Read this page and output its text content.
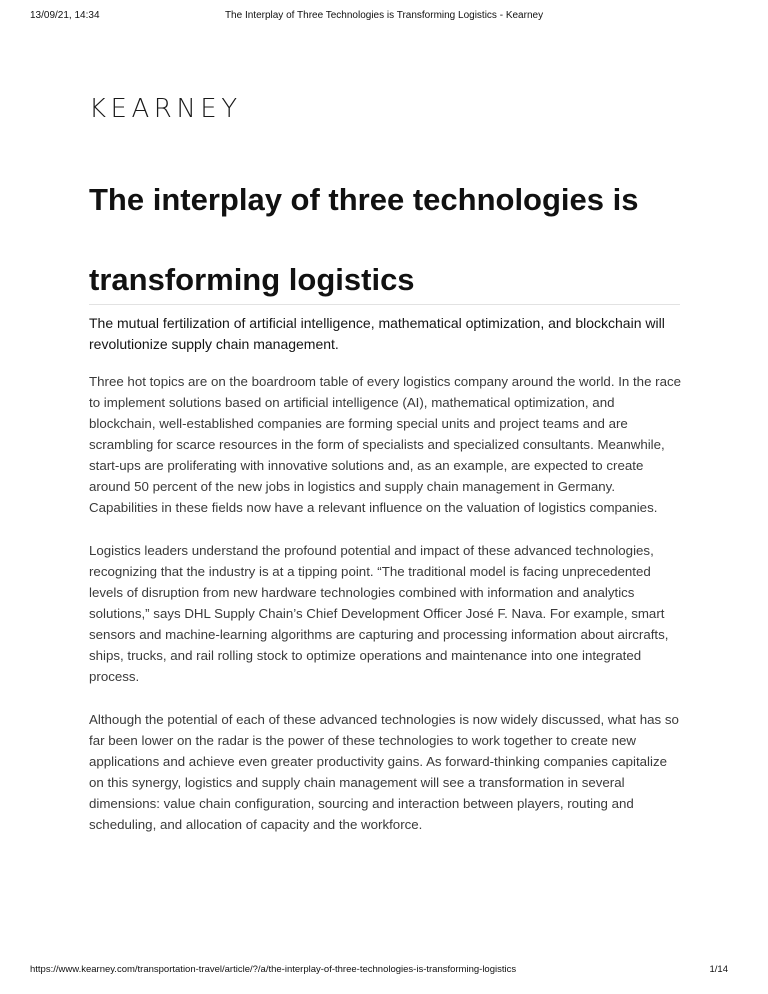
13/09/21, 14:34	The Interplay of Three Technologies is Transforming Logistics - Kearney
KEARNEY
The interplay of three technologies is transforming logistics

The mutual fertilization of artificial intelligence, mathematical optimization, and blockchain will revolutionize supply chain management.

Three hot topics are on the boardroom table of every logistics company around the world. In the race to implement solutions based on artificial intelligence (AI), mathematical optimization, and blockchain, well-established companies are forming special units and project teams and are scrambling for scarce resources in the form of specialists and specialized consultants. Meanwhile, start-ups are proliferating with innovative solutions and, as an example, are expected to create around 50 percent of the new jobs in logistics and supply chain management in Germany. Capabilities in these fields now have a relevant influence on the valuation of logistics companies.

Logistics leaders understand the profound potential and impact of these advanced technologies, recognizing that the industry is at a tipping point. “The traditional model is facing unprecedented levels of disruption from new hardware technologies combined with information and analytics solutions,” says DHL Supply Chain’s Chief Development Officer José F. Nava. For example, smart sensors and machine-learning algorithms are capturing and processing information about aircrafts, ships, trucks, and rail rolling stock to optimize operations and maintenance into one integrated process.

Although the potential of each of these advanced technologies is now widely discussed, what has so far been lower on the radar is the power of these technologies to work together to create new applications and achieve even greater productivity gains. As forward-thinking companies capitalize on this synergy, logistics and supply chain management will see a transformation in several dimensions: value chain configuration, sourcing and interaction between players, routing and scheduling, and allocation of capacity and the workforce.

https://www.kearney.com/transportation-travel/article/?/a/the-interplay-of-three-technologies-is-transforming-logistics	1/14
